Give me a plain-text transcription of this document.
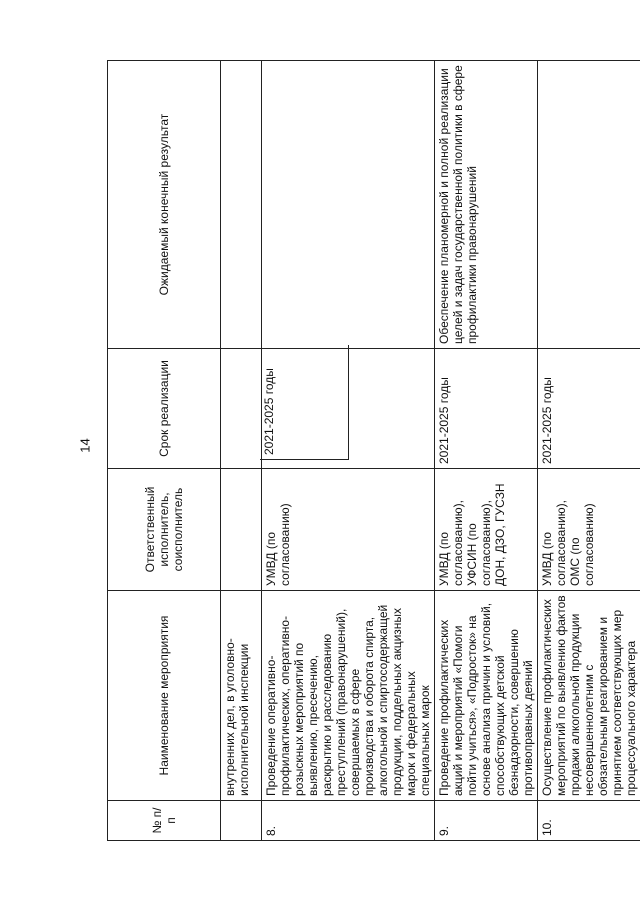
14
№ п/п	Наименование мероприятия	Ответственный исполнитель, соисполнитель	Срок реализации	Ожидаемый конечный результат
	внутренних дел, в уголовно-исполнительной инспекции			
8.	Проведение оперативно-профилактических, оперативно-розыскных мероприятий по выявлению, пресечению, раскрытию и расследованию преступлений (правонарушений), совершаемых в сфере производства и оборота спирта, алкогольной и спиртосодержащей продукции, поддельных акцизных марок и федеральных специальных марок	УМВД (по согласованию)	2021-2025 годы	

9.	Проведение профилактических акций и мероприятий «Помоги пойти учиться», «Подросток» на основе анализа причин и условий, способствующих детской безнадзорности, совершению противоправных деяний	УМВД (по согласованию), УФСИН (по согласованию), ДОН, ДЗО, ГУСЗН	2021-2025 годы	Обеспечение планомерной и полной реализации целей и задач государственной политики в сфере профилактики правонарушений
10.	Осуществление профилактических мероприятий по выявлению фактов продажи алкогольной продукции несовершеннолетним с обязательным реагированием и принятием соответствующих мер процессуального характера	УМВД (по согласованию), ОМС (по согласованию)	2021-2025 годы	
